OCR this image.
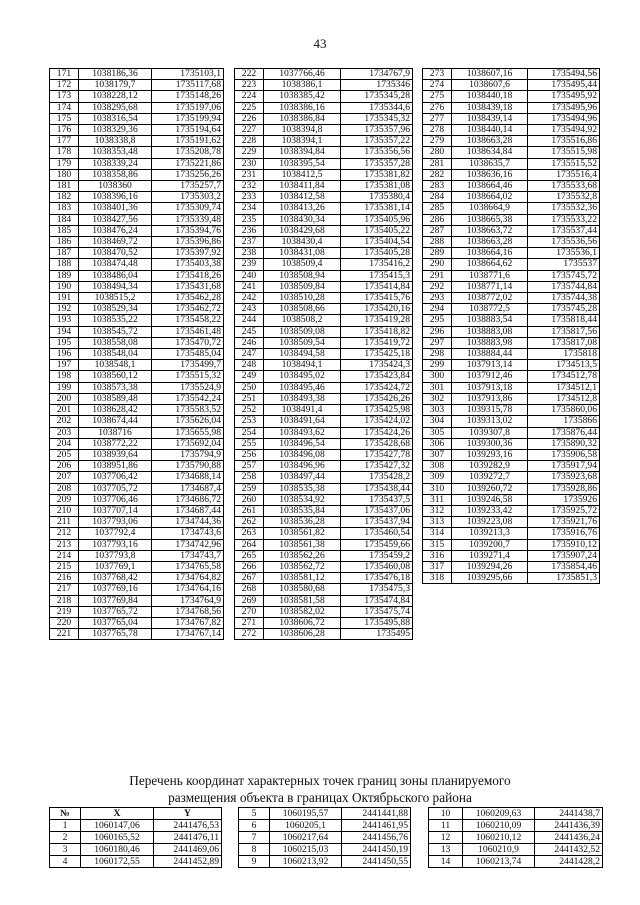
43
171	1038186,36	1735103,1
172	1038179,7	1735117,68
173	1038228,12	1735148,26
174	1038295,68	1735197,06
175	1038316,54	1735199,94
176	1038329,36	1735194,64
177	1038338,8	1735191,62
178	1038353,48	1735208,78
179	1038339,24	1735221,86
180	1038358,86	1735256,26
181	1038360	1735257,7
182	1038396,16	1735303,2
183	1038401,36	1735309,74
184	1038427,56	1735339,48
185	1038476,24	1735394,76
186	1038469,72	1735396,86
187	1038470,52	1735397,92
188	1038474,48	1735403,38
189	1038486,04	1735418,26
190	1038494,34	1735431,68
191	1038515,2	1735462,28
192	1038529,34	1735462,72
193	1038535,22	1735458,22
194	1038545,72	1735461,48
195	1038558,08	1735470,72
196	1038548,04	1735485,04
197	1038548,1	1735499,7
198	1038560,12	1735515,32
199	1038573,38	1735524,9
200	1038589,48	1735542,24
201	1038628,42	1735583,52
202	1038674,44	1735626,04
203	1038716	1735655,98
204	1038772,22	1735692,04
205	1038939,64	1735794,9
206	1038951,86	1735790,88
207	1037706,42	1734688,14
208	1037705,72	1734687,4
209	1037706,46	1734686,72
210	1037707,14	1734687,44
211	1037793,06	1734744,36
212	1037792,4	1734743,6
213	1037793,16	1734742,96
214	1037793,8	1734743,7
215	1037769,1	1734765,58
216	1037768,42	1734764,82
217	1037769,16	1734764,16
218	1037769,84	1734764,9
219	1037765,72	1734768,56
220	1037765,04	1734767,82
221	1037765,78	1734767,14
222	1037766,46	1734767,9
223	1038386,1	1735346
224	1038385,42	1735345,28
225	1038386,16	1735344,6
226	1038386,84	1735345,32
227	1038394,8	1735357,96
228	1038394,1	1735357,22
229	1038394,84	1735356,56
230	1038395,54	1735357,28
231	1038412,5	1735381,82
232	1038411,84	1735381,08
233	1038412,58	1735380,4
234	1038413,26	1735381,14
235	1038430,34	1735405,96
236	1038429,68	1735405,22
237	1038430,4	1735404,54
238	1038431,08	1735405,28
239	1038509,4	1735416,2
240	1038508,94	1735415,3
241	1038509,84	1735414,84
242	1038510,28	1735415,76
243	1038508,66	1735420,16
244	1038508,2	1735419,28
245	1038509,08	1735418,82
246	1038509,54	1735419,72
247	1038494,58	1735425,18
248	1038494,1	1735424,3
249	1038495,02	1735423,84
250	1038495,46	1735424,72
251	1038493,38	1735426,26
252	1038491,4	1735425,98
253	1038491,64	1735424,02
254	1038493,62	1735424,26
255	1038496,54	1735428,68
256	1038496,08	1735427,78
257	1038496,96	1735427,32
258	1038497,44	1735428,2
259	1038535,38	1735438,44
260	1038534,92	1735437,5
261	1038535,84	1735437,06
262	1038536,28	1735437,94
263	1038561,82	1735460,54
264	1038561,38	1735459,66
265	1038562,26	1735459,2
266	1038562,72	1735460,08
267	1038581,12	1735476,18
268	1038580,68	1735475,3
269	1038581,58	1735474,84
270	1038582,02	1735475,74
271	1038606,72	1735495,88
272	1038606,28	1735495
273	1038607,16	1735494,56
274	1038607,6	1735495,44
275	1038440,18	1735495,92
276	1038439,18	1735495,96
277	1038439,14	1735494,96
278	1038440,14	1735494,92
279	1038663,28	1735516,86
280	1038634,84	1735515,98
281	1038635,7	1735515,52
282	1038636,16	1735516,4
283	1038664,46	1735533,68
284	1038664,02	1735532,8
285	1038664,9	1735532,36
286	1038665,38	1735533,22
287	1038663,72	1735537,44
288	1038663,28	1735536,56
289	1038664,16	1735536,1
290	1038664,62	1735537
291	1038771,6	1735745,72
292	1038771,14	1735744,84
293	1038772,02	1735744,38
294	1038772,5	1735745,28
295	1038883,54	1735818,44
296	1038883,08	1735817,56
297	1038883,98	1735817,08
298	1038884,44	1735818
299	1037913,14	1734513,5
300	1037912,46	1734512,78
301	1037913,18	1734512,1
302	1037913,86	1734512,8
303	1039315,78	1735860,06
304	1039313,02	1735866
305	1039307,8	1735876,44
306	1039300,36	1735890,32
307	1039293,16	1735906,58
308	1039282,9	1735917,94
309	1039272,7	1735923,68
310	1039260,72	1735928,86
311	1039246,58	1735926
312	1039233,42	1735925,72
313	1039223,08	1735921,76
314	1039213,3	1735916,76
315	1039200,7	1735910,12
316	1039271,4	1735907,24
317	1039294,26	1735854,46
318	1039295,66	1735851,3
Перечень координат характерных точек границ зоны планируемого
размещения объекта в границах Октябрьского района
№	X	Y
1	1060147,06	2441476,53
2	1060165,52	2441476,11
3	1060180,46	2441469,06
4	1060172,55	2441452,89
5	1060195,57	2441441,88
6	1060205,1	2441461,95
7	1060217,64	2441456,76
8	1060215,03	2441450,19
9	1060213,92	2441450,55
10	1060209,63	2441438,7
11	1060210,09	2441436,39
12	1060210,12	2441436,24
13	1060210,9	2441432,52
14	1060213,74	2441428,2
